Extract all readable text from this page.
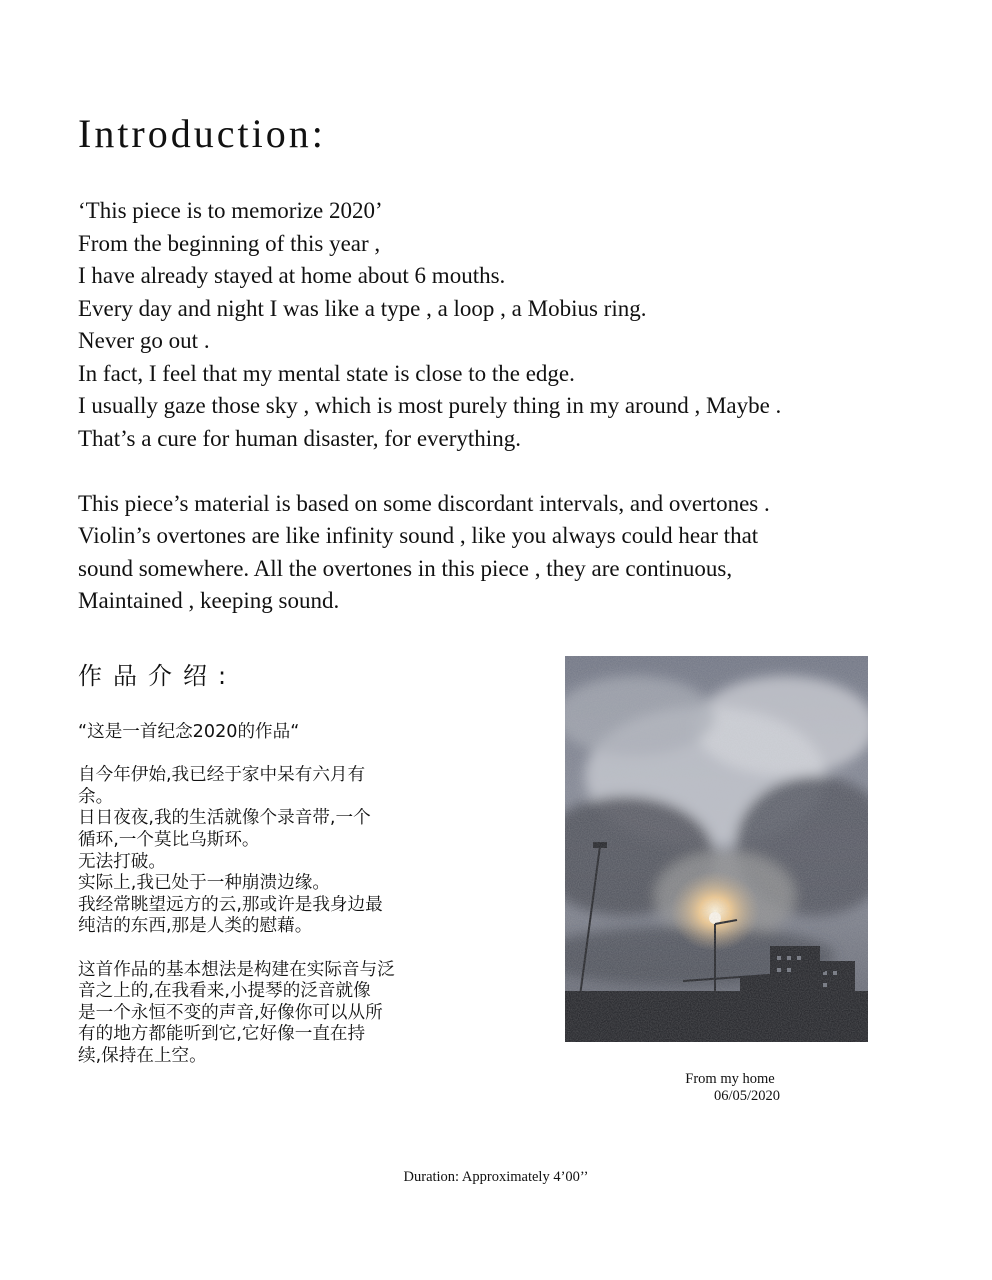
Introduction:
‘This piece is to memorize 2020’
From the beginning of this year ,
I have already stayed at home about 6 mouths.
Every day and night I was like a type , a loop , a Mobius ring.
Never go out .
In fact, I feel that my mental state is close to the edge.
I usually gaze those sky , which is most purely thing in my around , Maybe .
That’s a cure for human disaster, for everything.
This piece’s material is based on some discordant intervals, and overtones .
Violin’s overtones are like infinity sound , like you always could hear that
sound somewhere. All the overtones in this piece , they are continuous,
Maintained , keeping sound.
作品介绍:
“这是一首纪念2020的作品“
自今年伊始,我已经于家中呆有六月有
余。
日日夜夜,我的生活就像个录音带,一个
循环,一个莫比乌斯环。
无法打破。
实际上,我已处于一种崩溃边缘。
我经常眺望远方的云,那或许是我身边最
纯洁的东西,那是人类的慰藉。
这首作品的基本想法是构建在实际音与泛
音之上的,在我看来,小提琴的泛音就像
是一个永恒不变的声音,好像你可以从所
有的地方都能听到它,它好像一直在持
续,保持在上空。
From my home
06/05/2020
Duration: Approximately 4’00’’
